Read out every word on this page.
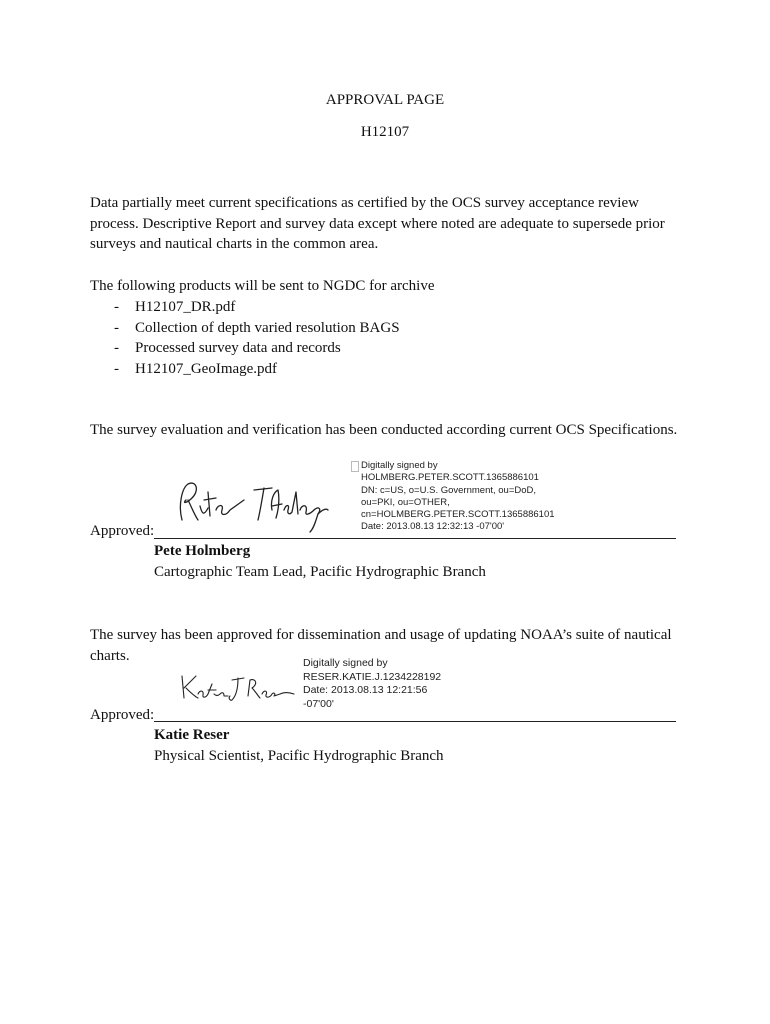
APPROVAL PAGE
H12107
Data partially meet current specifications as certified by the OCS survey acceptance review process. Descriptive Report and survey data except where noted are adequate to supersede prior surveys and nautical charts in the common area.
The following products will be sent to NGDC for archive
- H12107_DR.pdf
- Collection of depth varied resolution BAGS
- Processed survey data and records
- H12107_GeoImage.pdf
The survey evaluation and verification has been conducted according current OCS Specifications.
Digitally signed by
HOLMBERG.PETER.SCOTT.1365886101
DN: c=US, o=U.S. Government, ou=DoD,
ou=PKI, ou=OTHER,
cn=HOLMBERG.PETER.SCOTT.1365886101
Date: 2013.08.13 12:32:13 -07'00'
Approved:
Pete Holmberg
Cartographic Team Lead, Pacific Hydrographic Branch
The survey has been approved for dissemination and usage of updating NOAA’s suite of nautical charts.	Digitally signed by
RESER.KATIE.J.1234228192
Date: 2013.08.13 12:21:56
-07'00'
Approved:
Katie Reser
Physical Scientist, Pacific Hydrographic Branch
